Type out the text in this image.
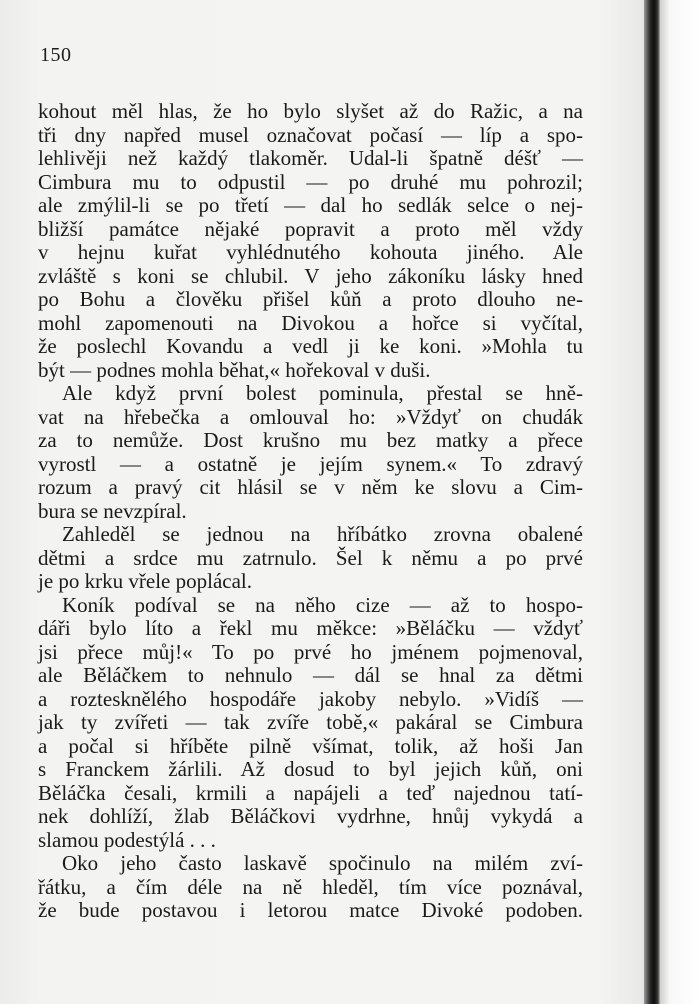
150
kohout měl hlas, že ho bylo slyšet až do Ražic, a na
tři dny napřed musel označovat počasí — líp a spo-
lehlivěji než každý tlakoměr. Udal-li špatně déšť —
Cimbura mu to odpustil — po druhé mu pohrozil;
ale zmýlil-li se po třetí — dal ho sedlák selce o nej-
bližší památce nějaké popravit a proto měl vždy
v hejnu kuřat vyhlédnutého kohouta jiného. Ale
zvláště s koni se chlubil. V jeho zákoníku lásky hned
po Bohu a člověku přišel kůň a proto dlouho ne-
mohl zapomenouti na Divokou a hořce si vyčítal,
že poslechl Kovandu a vedl ji ke koni. »Mohla tu
být — podnes mohla běhat,« hořekoval v duši.
Ale když první bolest pominula, přestal se hně-
vat na hřebečka a omlouval ho: »Vždyť on chudák
za to nemůže. Dost krušno mu bez matky a přece
vyrostl — a ostatně je jejím synem.« To zdravý
rozum a pravý cit hlásil se v něm ke slovu a Cim-
bura se nevzpíral.
Zahleděl se jednou na hříbátko zrovna obalené
dětmi a srdce mu zatrnulo. Šel k němu a po prvé
je po krku vřele poplácal.
Koník podíval se na něho cize — až to hospo-
dáři bylo líto a řekl mu měkce: »Běláčku — vždyť
jsi přece můj!« To po prvé ho jménem pojmenoval,
ale Běláčkem to nehnulo — dál se hnal za dětmi
a roztesknělého hospodáře jakoby nebylo. »Vidíš —
jak ty zvířeti — tak zvíře tobě,« pakáral se Cimbura
a počal si hříběte pilně všímat, tolik, až hoši Jan
s Franckem žárlili. Až dosud to byl jejich kůň, oni
Běláčka česali, krmili a napájeli a teď najednou tatí-
nek dohlíží, žlab Běláčkovi vydrhne, hnůj vykydá a
slamou podestýlá . . .
Oko jeho často laskavě spočinulo na milém zví-
řátku, a čím déle na ně hleděl, tím více poznával,
že bude postavou i letorou matce Divoké podoben.
